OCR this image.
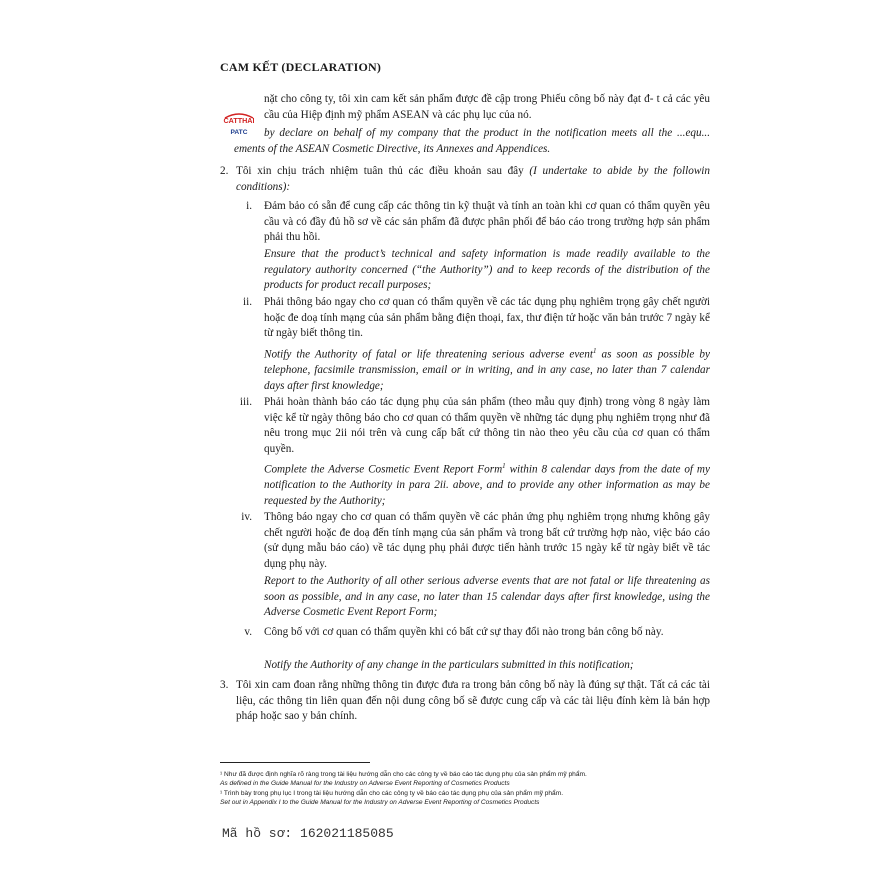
CAM KẾT (DECLARATION)
CATTHAI
PATC
nặt cho công ty, tôi xin cam kết sản phẩm được đề cập trong Phiếu công bố này đạt đ- t cả các yêu cầu của Hiệp định mỹ phẩm ASEAN và các phụ lục của nó.
by declare on behalf of my company that the product in the notification meets all the ...equ... ements of the ASEAN Cosmetic Directive, its Annexes and Appendices.
2. Tôi xin chịu trách nhiệm tuân thủ các điều khoản sau đây (I undertake to abide by the followin conditions):
i. Đảm bảo có sẵn để cung cấp các thông tin kỹ thuật và tính an toàn khi cơ quan có thẩm quyền yêu cầu và có đầy đủ hồ sơ về các sản phẩm đã được phân phối để báo cáo trong trường hợp sản phẩm phải thu hồi.
Ensure that the product’s technical and safety information is made readily available to the regulatory authority concerned (“the Authority”) and to keep records of the distribution of the products for product recall purposes;
ii. Phải thông báo ngay cho cơ quan có thẩm quyền về các tác dụng phụ nghiêm trọng gây chết người hoặc đe doạ tính mạng của sản phẩm bằng điện thoại, fax, thư điện tử hoặc văn bản trước 7 ngày kể từ ngày biết thông tin.
Notify the Authority of fatal or life threatening serious adverse event$^1$ as soon as possible by telephone, facsimile transmission, email or in writing, and in any case, no later than 7 calendar days after first knowledge;
iii. Phải hoàn thành báo cáo tác dụng phụ của sản phẩm (theo mẫu quy định) trong vòng 8 ngày làm việc kể từ ngày thông báo cho cơ quan có thẩm quyền về những tác dụng phụ nghiêm trọng như đã nêu trong mục 2ii nói trên và cung cấp bất cứ thông tin nào theo yêu cầu của cơ quan có thẩm quyền.
Complete the Adverse Cosmetic Event Report Form$^1$ within 8 calendar days from the date of my notification to the Authority in para 2ii. above, and to provide any other information as may be requested by the Authority;
iv. Thông báo ngay cho cơ quan có thẩm quyền về các phản ứng phụ nghiêm trọng nhưng không gây chết người hoặc đe doạ đến tính mạng của sản phẩm và trong bất cứ trường hợp nào, việc báo cáo (sử dụng mẫu báo cáo) về tác dụng phụ phải được tiến hành trước 15 ngày kể từ ngày biết về tác dụng phụ này.
Report to the Authority of all other serious adverse events that are not fatal or life threatening as soon as possible, and in any case, no later than 15 calendar days after first knowledge, using the Adverse Cosmetic Event Report Form;
v. Công bố với cơ quan có thẩm quyền khi có bất cứ sự thay đổi nào trong bản công bố này.
Notify the Authority of any change in the particulars submitted in this notification;
3. Tôi xin cam đoan rằng những thông tin được đưa ra trong bản công bố này là đúng sự thật. Tất cả các tài liệu, các thông tin liên quan đến nội dung công bố sẽ được cung cấp và các tài liệu đính kèm là bản hợp pháp hoặc sao y bản chính.
¹ Như đã được định nghĩa rõ ràng trong tài liệu hướng dẫn cho các công ty về báo cáo tác dụng phụ của sản phẩm mỹ phẩm.
As defined in the Guide Manual for the Industry on Adverse Event Reporting of Cosmetics Products
¹ Trình bày trong phụ lục I trong tài liệu hướng dẫn cho các công ty về báo cáo tác dụng phụ của sản phẩm mỹ phẩm.
Set out in Appendix I to the Guide Manual for the Industry on Adverse Event Reporting of Cosmetics Products
Mã hồ sơ: 162021185085
